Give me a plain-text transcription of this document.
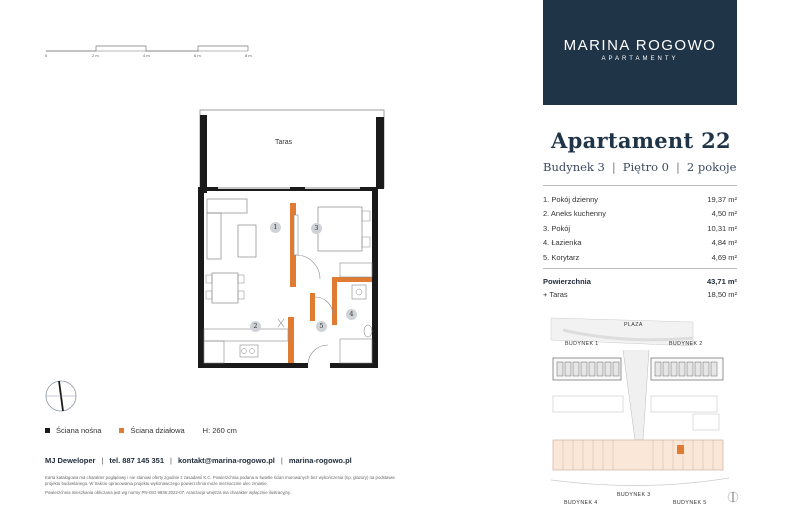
0	2 m	4 m	6 m	8 m
Taras
1
2
3
4
5
MARINA ROGOWO
APARTAMENTY
Apartament 22
Budynek 3 | Piętro 0 | 2 pokoje
1. Pokój dzienny	19,37 m²
2. Aneks kuchenny	4,50 m²
3. Pokój	10,31 m²
4. Łazienka	4,84 m²
5. Korytarz	4,69 m²
Powierzchnia	43,71 m²
+ Taras	18,50 m²
PLAZA
BUDYNEK 1	BUDYNEK 2
BUDYNEK 3
BUDYNEK 4	BUDYNEK 5
Ściana nośna	Ściana działowa H: 260 cm
MJ Deweloper | tel. 887 145 351 | kontakt@marina-rogowo.pl | marina-rogowo.pl
Karta katalogowa ma charakter poglądowy i nie stanowi oferty zgodnie z zasadami K.C. Powierzchnia podana w świetle ścian murowanych bez wykończenia (np. glazury) na podstawie
projektu budowlanego. W trakcie opracowania projektu wykonawczego powierzchnia może nieznacznie ulec zmianie.
Powierzchnia mieszkania obliczana jest wg normy PN-ISO 9836:2022-07. Aranżacja wnętrza ma charakter wyłącznie ilustracyjny.
